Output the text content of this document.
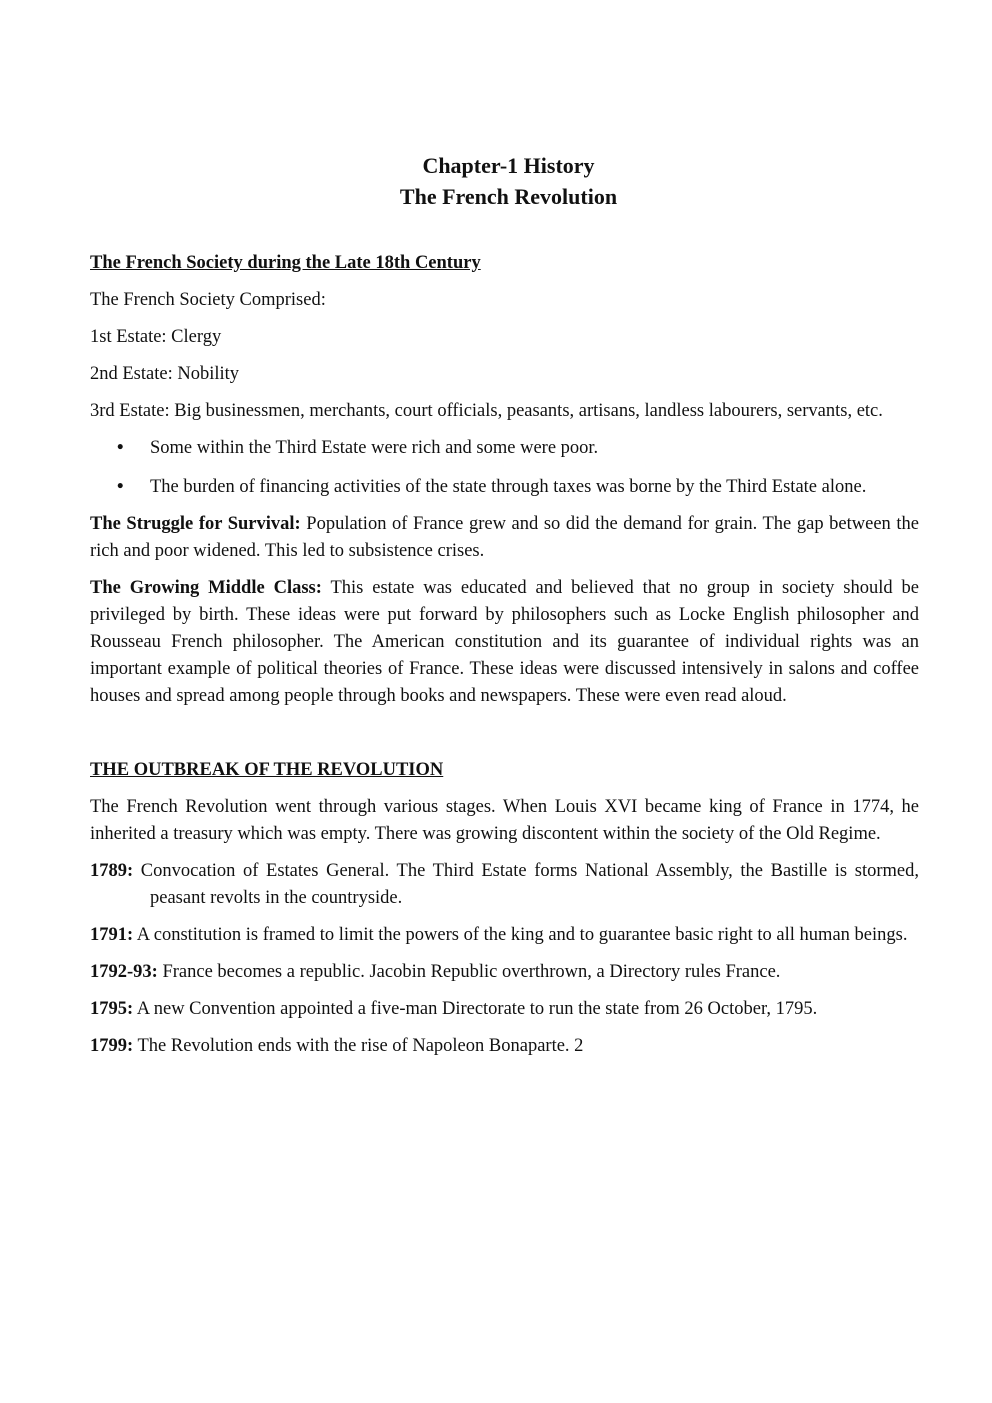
Chapter-1 History
The French Revolution

The French Society during the Late 18th Century

The French Society Comprised:

1st Estate: Clergy

2nd Estate: Nobility

3rd Estate: Big businessmen, merchants, court officials, peasants, artisans, landless labourers, servants, etc.

• Some within the Third Estate were rich and some were poor.
• The burden of financing activities of the state through taxes was borne by the Third Estate alone.

The Struggle for Survival: Population of France grew and so did the demand for grain. The gap between the rich and poor widened. This led to subsistence crises.

The Growing Middle Class: This estate was educated and believed that no group in society should be privileged by birth. These ideas were put forward by philosophers such as Locke English philosopher and Rousseau French philosopher. The American constitution and its guarantee of individual rights was an important example of political theories of France. These ideas were discussed intensively in salons and coffee houses and spread among people through books and newspapers. These were even read aloud.

THE OUTBREAK OF THE REVOLUTION

The French Revolution went through various stages. When Louis XVI became king of France in 1774, he inherited a treasury which was empty. There was growing discontent within the society of the Old Regime.

1789: Convocation of Estates General. The Third Estate forms National Assembly, the Bastille is stormed, peasant revolts in the countryside.

1791: A constitution is framed to limit the powers of the king and to guarantee basic right to all human beings.

1792-93: France becomes a republic. Jacobin Republic overthrown, a Directory rules France.

1795: A new Convention appointed a five-man Directorate to run the state from 26 October, 1795.

1799: The Revolution ends with the rise of Napoleon Bonaparte. 2
